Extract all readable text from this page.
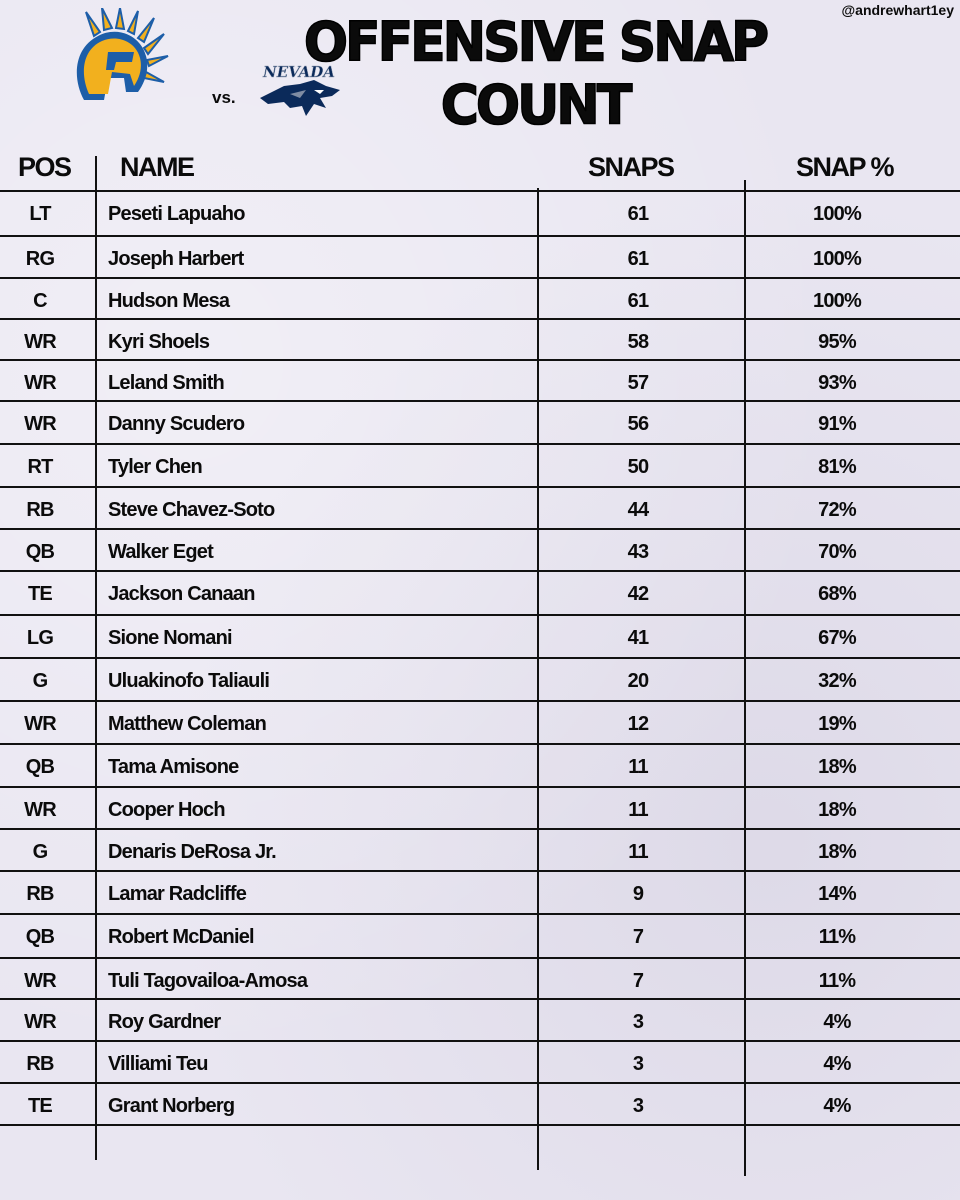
@andrewhart1ey
vs.
NEVADA
OFFENSIVE SNAP
COUNT
POS NAME	SNAPS	SNAP %
LT	Peseti Lapuaho	61	100%
RG	Joseph Harbert	61	100%
C	Hudson Mesa	61	100%
WR	Kyri Shoels	58	95%
WR	Leland Smith	57	93%
WR	Danny Scudero	56	91%
RT	Tyler Chen	50	81%
RB	Steve Chavez-Soto	44	72%
QB	Walker Eget	43	70%
TE	Jackson Canaan	42	68%
LG	Sione Nomani	41	67%
G	Uluakinofo Taliauli	20	32%
WR	Matthew Coleman	12	19%
QB	Tama Amisone	11	18%
WR	Cooper Hoch	11	18%
G	Denaris DeRosa Jr.	11	18%
RB	Lamar Radcliffe	9	14%
QB	Robert McDaniel	7	11%
WR	Tuli Tagovailoa-Amosa	7	11%
WR	Roy Gardner	3	4%
RB	Villiami Teu	3	4%
TE	Grant Norberg	3	4%
